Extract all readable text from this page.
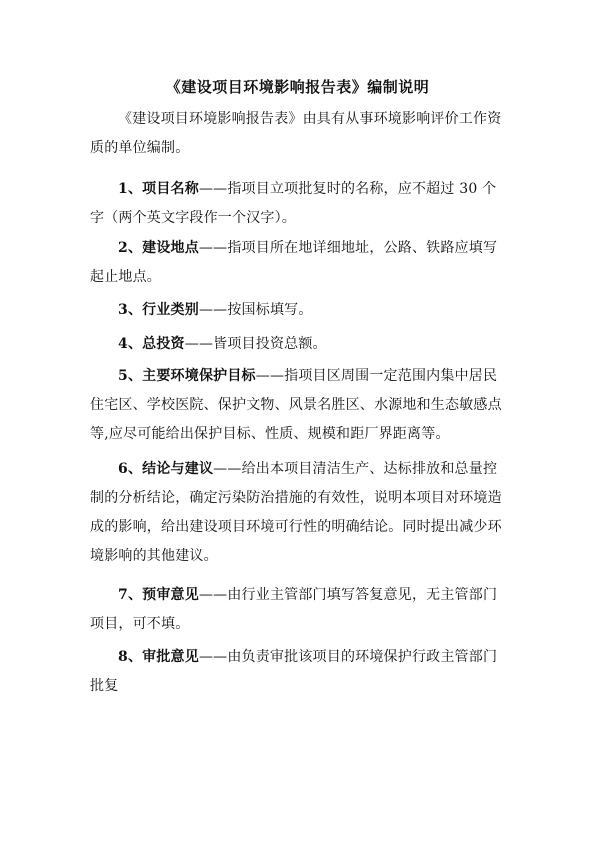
《建设项目环境影响报告表》编制说明
《建设项目环境影响报告表》由具有从事环境影响评价工作资质的单位编制。
1、项目名称——指项目立项批复时的名称，应不超过 30 个字（两个英文字段作一个汉字）。
2、建设地点——指项目所在地详细地址，公路、铁路应填写起止地点。
3、行业类别——按国标填写。
4、总投资——皆项目投资总额。
5、主要环境保护目标——指项目区周围一定范围内集中居民住宅区、学校医院、保护文物、风景名胜区、水源地和生态敏感点等,应尽可能给出保护目标、性质、规模和距厂界距离等。
6、结论与建议——给出本项目清洁生产、达标排放和总量控制的分析结论，确定污染防治措施的有效性，说明本项目对环境造成的影响，给出建设项目环境可行性的明确结论。同时提出减少环境影响的其他建议。
7、预审意见——由行业主管部门填写答复意见，无主管部门项目，可不填。
8、审批意见——由负责审批该项目的环境保护行政主管部门批复
